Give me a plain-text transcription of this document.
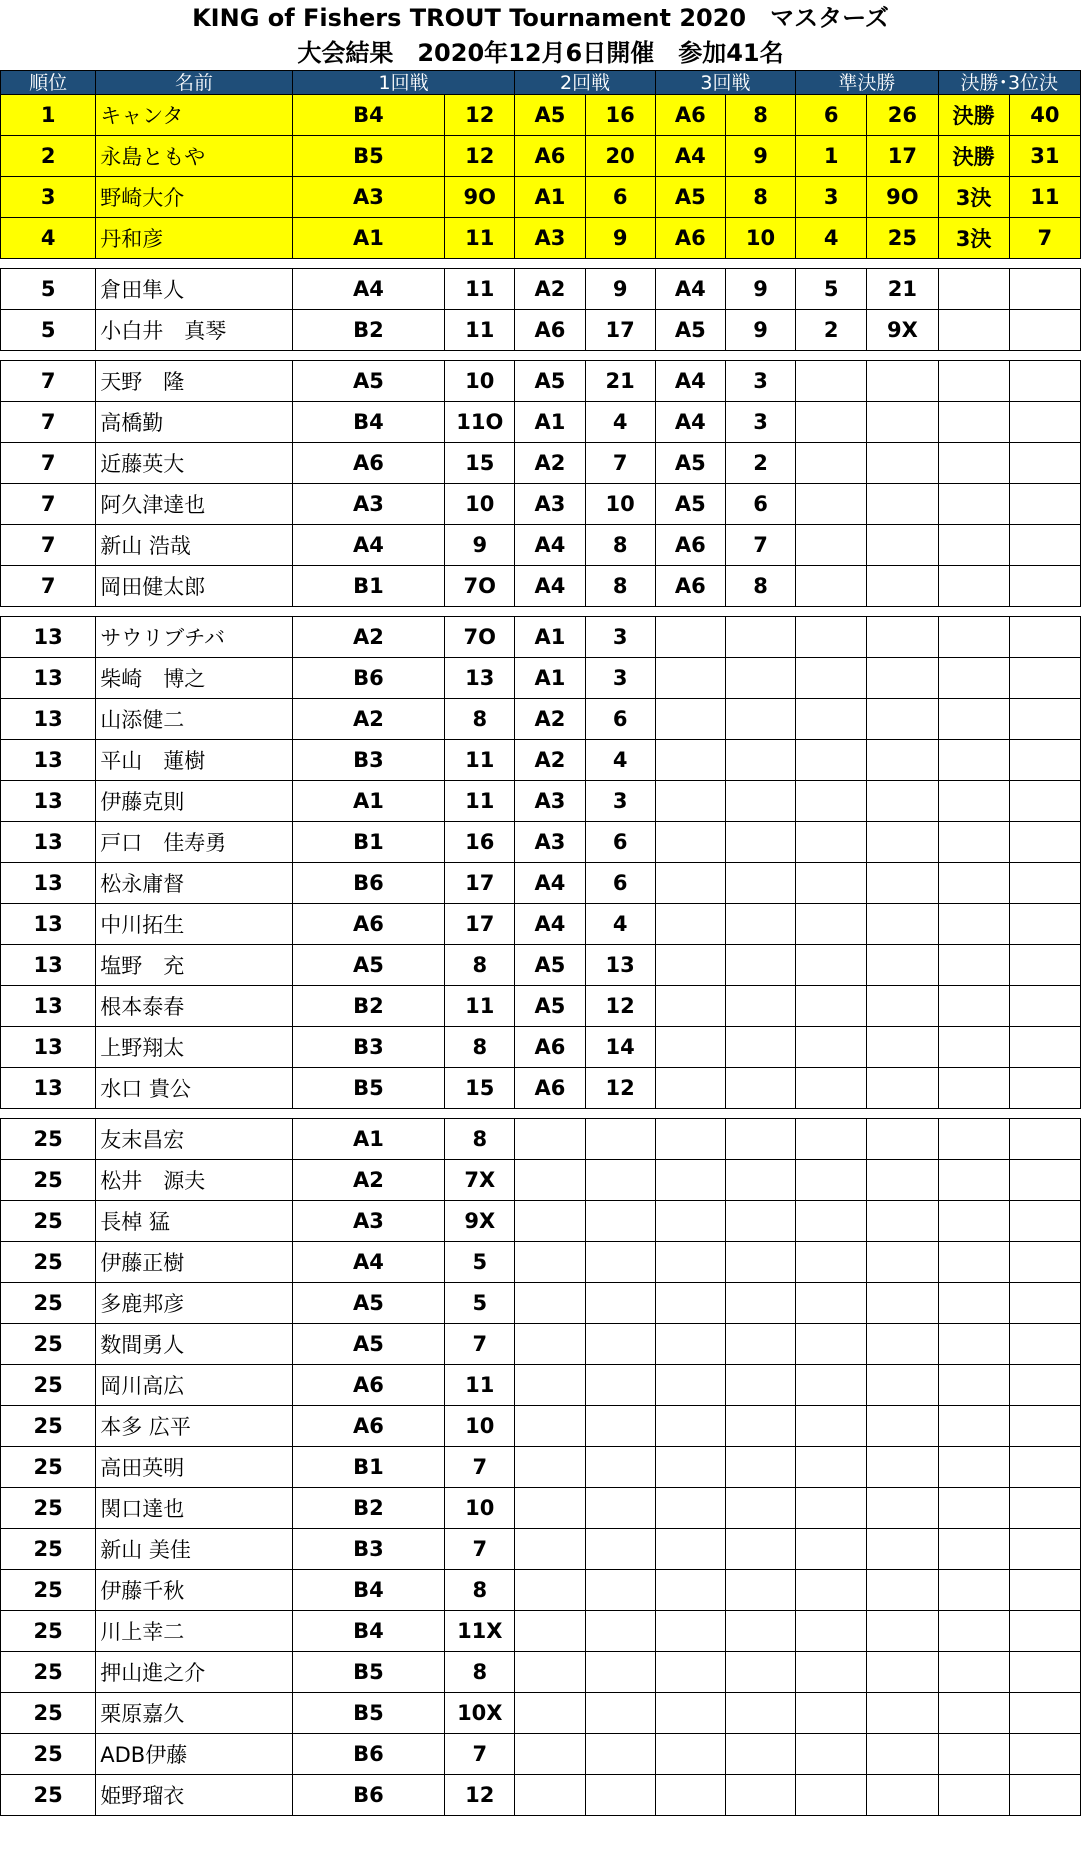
KING of Fishers TROUT Tournament 2020　マスターズ
大会結果　2020年12月6日開催　参加41名
順位	名前	1回戦		2回戦		3回戦		準決勝		決勝･3位決	
1	キャンタ	B4	12	A5	16	A6	8	6	26	決勝	40
2	永島ともや	B5	12	A6	20	A4	9	1	17	決勝	31
3	野崎大介	A3	9O	A1	6	A5	8	3	9O	3決	11
4	丹和彦	A1	11	A3	9	A6	10	4	25	3決	7

5	倉田隼人	A4	11	A2	9	A4	9	5	21		
5	小白井　真琴	B2	11	A6	17	A5	9	2	9X		

7	天野　隆	A5	10	A5	21	A4	3				
7	高橋勤	B4	11O	A1	4	A4	3				
7	近藤英大	A6	15	A2	7	A5	2				
7	阿久津達也	A3	10	A3	10	A5	6				
7	新山 浩哉	A4	9	A4	8	A6	7				
7	岡田健太郎	B1	7O	A4	8	A6	8				

13	サウリブチバ	A2	7O	A1	3						
13	柴崎　博之	B6	13	A1	3						
13	山添健二	A2	8	A2	6						
13	平山　蓮樹	B3	11	A2	4						
13	伊藤克則	A1	11	A3	3						
13	戸口　佳寿勇	B1	16	A3	6						
13	松永庸督	B6	17	A4	6						
13	中川拓生	A6	17	A4	4						
13	塩野　充	A5	8	A5	13						
13	根本泰春	B2	11	A5	12						
13	上野翔太	B3	8	A6	14						
13	水口 貴公	B5	15	A6	12						

25	友末昌宏	A1	8								
25	松井　源夫	A2	7X								
25	長棹 猛	A3	9X								
25	伊藤正樹	A4	5								
25	多鹿邦彦	A5	5								
25	数間勇人	A5	7								
25	岡川高広	A6	11								
25	本多 広平	A6	10								
25	高田英明	B1	7								
25	関口達也	B2	10								
25	新山 美佳	B3	7								
25	伊藤千秋	B4	8								
25	川上幸二	B4	11X								
25	押山進之介	B5	8								
25	栗原嘉久	B5	10X								
25	ADB伊藤	B6	7								
25	姫野瑠衣	B6	12								
